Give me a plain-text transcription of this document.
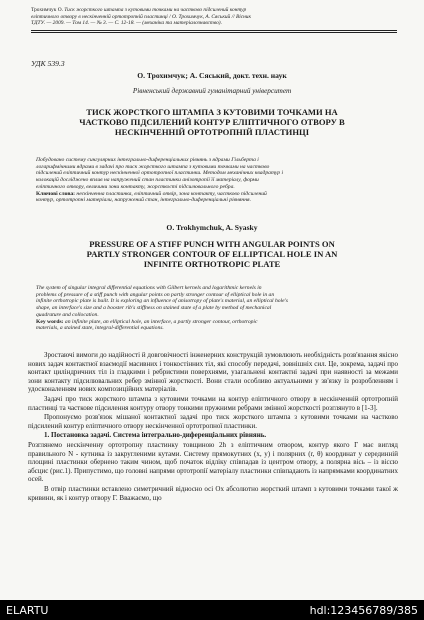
Трохимчук О. Тиск жорсткого штампа з кутовими точками на частково підсилений контур
еліптичного отвору в нескінченній ортотропній пластинці / О. Трохимчук, А. Сяський // Вісник
ТДТУ. — 2009. — Том 14. — № 3. — С. 12-18. — (механіка та матеріалознавство).
УДК 539.3
О. Трохимчук; А. Сяський, докт. техн. наук
Рівненський державний гуманітарний університет
ТИСК ЖОРСТКОГО ШТАМПА З КУТОВИМИ ТОЧКАМИ НА
ЧАСТКОВО ПІДСИЛЕНИЙ КОНТУР ЕЛІПТИЧНОГО ОТВОРУ В
НЕСКІНЧЕННІЙ ОРТОТРОПНІЙ ПЛАСТИНЦІ
Побудовано систему сингулярних інтегрально-диференціальних рівнянь з ядрами Гільберта і
логарифмічними ядрами в задачі про тиск жорсткого штампа з кутовими точками на частково
підсилений еліптичний контур нескінченної ортотропної пластинки. Методом механічних квадратур і
колокацій досліджено вплив на напружений стан пластинки анізотропії її матеріалу, форми
еліптичного отвору, величини зони контакту, жорсткості підсилювального ребра.
Ключові слова: нескінченна пластинка, еліптичний отвір, зона контакту, частково підсилений
контур, ортотропні матеріали, напружений стан, інтегрально-диференціальні рівняння.
O. Trokhymchuk, A. Syasky
PRESSURE OF A STIFF PUNCH WITH ANGULAR POINTS ON
PARTLY STRONGER CONTOUR OF ELLIPTICAL HOLE IN AN
INFINITE ORTHOTROPIC PLATE
The system of singular integral differential equations with Gilbert kernels and logarithmic kernels in
problems of pressure of a stiff punch with angular points on partly stronger contour of elliptical hole in an
infinite orthotropic plate is built. It is exploring an influence of anisotropy of plate's material, an elliptical hole's
shape, an interface's size and a booster rib's stiffness on stained state of a plate by method of mechanical
quadrature and collocation.
Key words: an infinite plate, an elliptical hole, an interface, a partly stronger contour, orthotropic
materials, a stained state, integral-differential equations.

Зростаючі вимоги до надійності й довговічності інженерних конструкцій зумовлюють необхідність розв'язання якісно нових задач контактної взаємодії масивних і тонкостінних тіл, які способу передачі, зовнішніх сил. Це, зокрема, задачі про контакт циліндричних тіл із гладкими і ребристими поверхнями, узагальнені контактні задачі при наявності за межами зони контакту підсилювальних ребер змінної жорсткості. Вони стали особливо актуальними у зв'язку із розробленням і удосконаленням нових композиційних матеріалів.

Задачі про тиск жорсткого штампа з кутовими точками на контур еліптичного отвору в нескінченній ортотропній пластинці та часткове підсилення контуру отвору тонкими пружними ребрами змінної жорсткості розглянуто в [1-3].

Пропонуємо розв'язок мішаної контактної задачі про тиск жорсткого штампа з кутовими точками на частково підсилений контур еліптичного отвору нескінченної ортотропної пластинки.

1. Постановка задачі. Система інтегрально-диференціальних рівнянь.

Розглянемо нескінченну ортотропну пластинку товщиною 2h з еліптичним отвором, контур якого Г має вигляд правильного N - кутника із закругленими кутами. Систему прямокутних (x, y) і полярних (r, θ) координат у серединній площині пластинки обернено таким чином, щоб початок відліку співпадав із центром отвору, а полярна вісь – із віссю абсцис (рис.1). Припустимо, що головні напрями ортотропії матеріалу пластинки співпадають із напрямками координатних осей.

В отвір пластинки вставлено симетричний відносно осі Ox абсолютно жорсткий штамп з кутовими точками такої ж кривини, як і контур отвору Г. Вважаємо, що

ELARTU	hdl:123456789/385
